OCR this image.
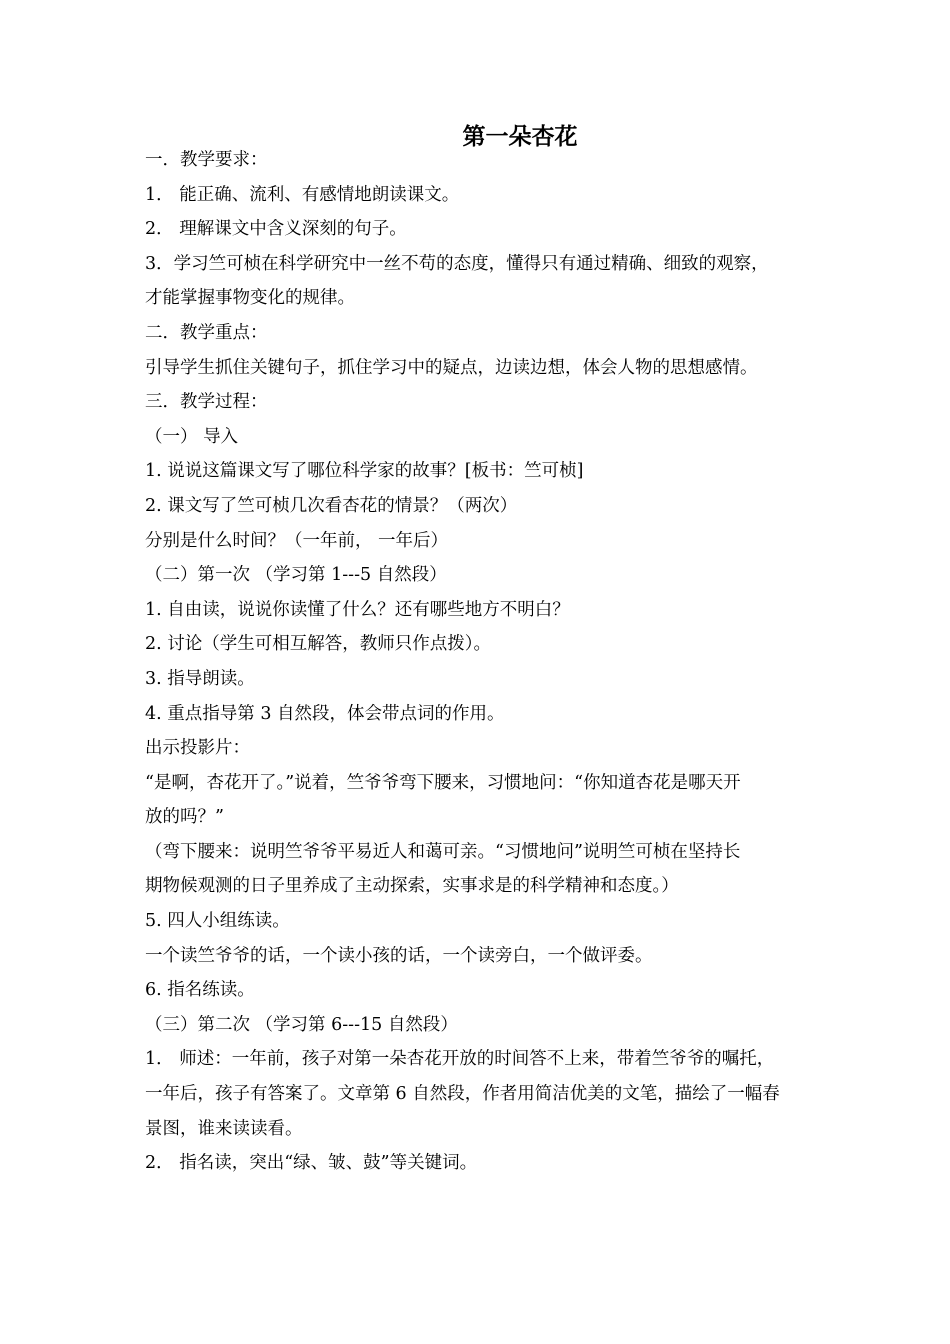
第一朵杏花
一．教学要求：
1． 能正确、流利、有感情地朗读课文。
2． 理解课文中含义深刻的句子。
3．学习竺可桢在科学研究中一丝不苟的态度，懂得只有通过精确、细致的观察，
才能掌握事物变化的规律。
二．教学重点：
引导学生抓住关键句子，抓住学习中的疑点，边读边想，体会人物的思想感情。
三．教学过程：
（一） 导入
1. 说说这篇课文写了哪位科学家的故事？[板书：竺可桢]
2. 课文写了竺可桢几次看杏花的情景？（两次）
分别是什么时间？（一年前， 一年后）
（二）第一次 （学习第 1---5 自然段）
1. 自由读，说说你读懂了什么？还有哪些地方不明白？
2. 讨论（学生可相互解答，教师只作点拨）。
3. 指导朗读。
4. 重点指导第 3 自然段，体会带点词的作用。
出示投影片：
“是啊，杏花开了。”说着，竺爷爷弯下腰来，习惯地问：“你知道杏花是哪天开
放的吗？”
（弯下腰来：说明竺爷爷平易近人和蔼可亲。“习惯地问”说明竺可桢在坚持长
期物候观测的日子里养成了主动探索，实事求是的科学精神和态度。）
5. 四人小组练读。
一个读竺爷爷的话，一个读小孩的话，一个读旁白，一个做评委。
6. 指名练读。
（三）第二次 （学习第 6---15 自然段）
1． 师述：一年前，孩子对第一朵杏花开放的时间答不上来，带着竺爷爷的嘱托，
一年后，孩子有答案了。文章第 6 自然段，作者用简洁优美的文笔，描绘了一幅春
景图，谁来读读看。
2． 指名读，突出“绿、皱、鼓”等关键词。
